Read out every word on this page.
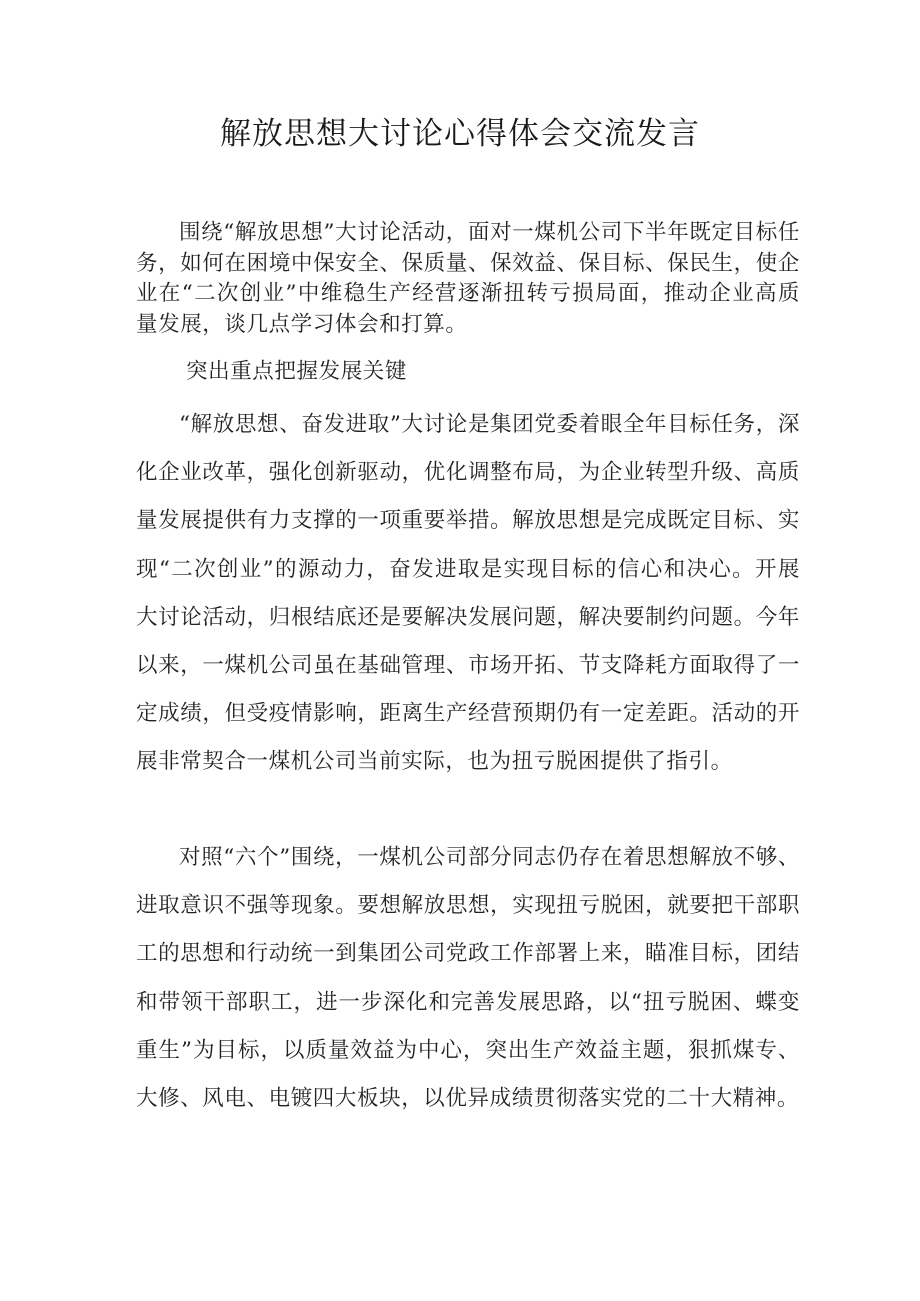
解放思想大讨论心得体会交流发言

围绕“解放思想”大讨论活动，面对一煤机公司下半年既定目标任务，如何在困境中保安全、保质量、保效益、保目标、保民生，使企业在“二次创业”中维稳生产经营逐渐扭转亏损局面，推动企业高质量发展，谈几点学习体会和打算。

突出重点把握发展关键

“解放思想、奋发进取”大讨论是集团党委着眼全年目标任务，深化企业改革，强化创新驱动，优化调整布局，为企业转型升级、高质量发展提供有力支撑的一项重要举措。解放思想是完成既定目标、实现“二次创业”的源动力，奋发进取是实现目标的信心和决心。开展大讨论活动，归根结底还是要解决发展问题，解决要制约问题。今年以来，一煤机公司虽在基础管理、市场开拓、节支降耗方面取得了一定成绩，但受疫情影响，距离生产经营预期仍有一定差距。活动的开展非常契合一煤机公司当前实际，也为扭亏脱困提供了指引。

对照“六个”围绕，一煤机公司部分同志仍存在着思想解放不够、进取意识不强等现象。要想解放思想，实现扭亏脱困，就要把干部职工的思想和行动统一到集团公司党政工作部署上来，瞄准目标，团结和带领干部职工，进一步深化和完善发展思路，以“扭亏脱困、蝶变重生”为目标，以质量效益为中心，突出生产效益主题，狠抓煤专、大修、风电、电镀四大板块，以优异成绩贯彻落实党的二十大精神。
